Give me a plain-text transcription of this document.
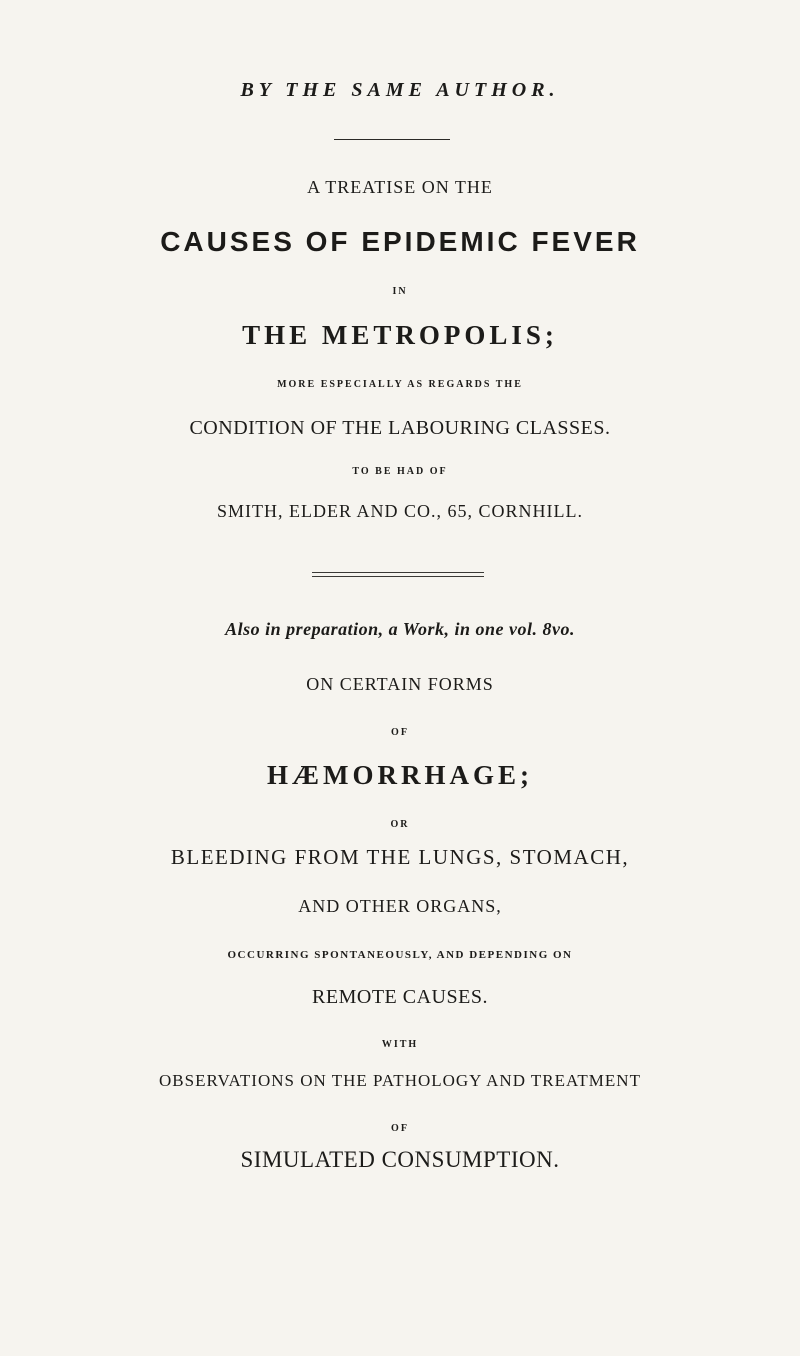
BY THE SAME AUTHOR.
A TREATISE ON THE
CAUSES OF EPIDEMIC FEVER
IN
THE METROPOLIS;
MORE ESPECIALLY AS REGARDS THE
CONDITION OF THE LABOURING CLASSES.
TO BE HAD OF
SMITH, ELDER AND CO., 65, CORNHILL.
Also in preparation, a Work, in one vol. 8vo.
ON CERTAIN FORMS
OF
HÆMORRHAGE;
OR
BLEEDING FROM THE LUNGS, STOMACH,
AND OTHER ORGANS,
OCCURRING SPONTANEOUSLY, AND DEPENDING ON
REMOTE CAUSES.
WITH
OBSERVATIONS ON THE PATHOLOGY AND TREATMENT
OF
SIMULATED CONSUMPTION.
